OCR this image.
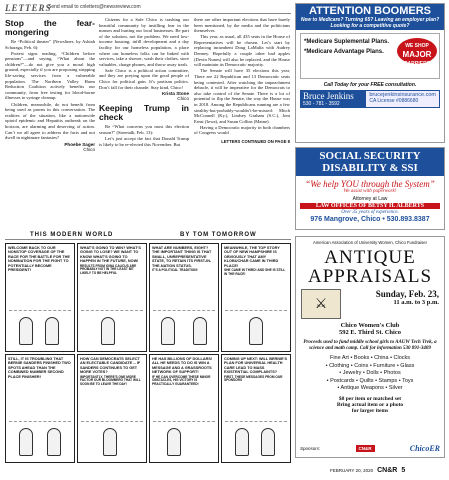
LETTERS
Send email to cnletters@newsreview.com
Stop the fear-mongering

Re “Political theater” (Newslines, by Ashiah Scharaga, Feb. 6):

Protest signs reading, “Children before pensions”—and saying, “What about the children?”—do not give you a moral high ground, especially if you are proposing stripping life-saving services from a vulnerable population. The Northern Valley Harm Reduction Coalition actively benefits our community, from free testing for blood-borne illnesses to syringe cleanup.

Children, meanwhile, do not benefit from being used as pawns in this conversation. The realities of the situation, like a nationwide opioid epidemic and Hepatitis outbreak on the horizon, are alarming and deserving of action. Can’t we all agree to address the facts and not dwell in nightmare fantasies?

Phoebe Sager
Chico

Citizens for a Safe Chico is trashing our beautiful community by instilling fear in the masses and hurting our local businesses. Be part of the solution, not the problem. We need low-income housing, infill development and a day facility for our homeless population, a place where our homeless folks can be linked with services, take a shower, wash their clothes, store valuables, charge phones, and throw away trash.

Safe Chico is a political action committee, and they are preying upon the good people of Chico for political gain. It’s partisan politics. Don’t fall for their charade. Stay kind, Chico!

Krista Stone
Chico
Keeping Trump in check

Re “What concerns you most this election season?” (Streetalk, Feb. 13):

Let’s just accept the fact that Donald Trump is likely to be re-elected this November. But

there are other important elections that have barely been mentioned, by the media and the politicians themselves.

This year, as usual, all 435 seats in the House of Representatives will be chosen. Let’s start by replacing incumbent Doug LaMalfa with Audrey Denney. Hopefully a couple other bad apples (Devin Nunes) will also be replaced, and the House will maintain its Democratic majority.

The Senate will have 35 elections this year. There are 22 Republican and 13 Democratic seats being contested. After watching the impeachment debacle, it will be imperative for the Democrats to also take control of the Senate. There is a lot of potential to flip the Senate, the way the House was in 2018. Among the Republicans running are a few stealthy-but-probably-wouldn’t-be-missed: Mitch McConnell (Ky.), Lindsey Graham (S.C.), Joni Ernst (Iowa), and Susan Collins (Maine).

Having a Democratic majority in both chambers of Congress would

LETTERS CONTINUED ON PAGE 8
ATTENTION BOOMERS
New to Medicare? Turning 65? Leaving an employer plan? Looking for a competitive quote?
*Medicare Suplemental Plans.
*Medicare Advantage Plans.
WE SHOP
MAJOR
CARRIERS
Call Today for your FREE consultation.
Bruce Jenkins
530 - 781 - 3592
brucejenkinsinsurance.com
CA License #0886680
SOCIAL SECURITY DISABILITY & SSI
“We help YOU through the System”
We assist with paperwork!
Attorney at Law
LAW OFFICES OF BETSY H. ALBERTS
Over 35 years of experience.
976 Mangrove, Chico • 530.893.8387
THIS MODERN WORLD	BY TOM TOMORROW
WELCOME BACK TO OUR NONSTOP COVERAGE OF THE RACE FOR THE BATTLE FOR THE NOMINATION FOR THE FIGHT TO POTENTIALLY BECOME PRESIDENT!
WHAT'S GOING TO WIN? WHAT'S GOING TO LOSE? WE WANT TO KNOW WHAT'S GOING TO HAPPEN IN THE FUTURE, NOW!
RESULTS FROM IOWA CAUCUS ARE PROBABLY NOT IN THE LEAST BIT LIKELY TO BE HELPFUL
WHAT ARE NUMBERS, EIGHT? THE IMPORTANT THING IS THAT SMALL, UNREPRESENTATIVE STATE, TO RETAIN ITS FIRST-IN-THE-NATION STATUS.
IT'S A POLITICAL TRADITION!
MEANWHILE, THE TOP STORY OUT OF NEW HAMPSHIRE IS OBVIOUSLY THAT AMY KLOBUCHAR CAME IN THIRD PLACE!
SHE CAME IN THIRD! AND SHE IS STILL IN THE RACE!
STILL, IT IS TROUBLING THAT BERNIE SANDERS FINISHED TWO SPOTS AHEAD THAN THE COMBINED NUMBER SECOND PLACE FINISHER!
HOW CAN DEMOCRATS SELECT AN ELECTABLE CANDIDATE -- IF SANDERS CONTINUES TO GET MORE VOTES?
IMPORTANTLY, THERE'S ONE MORE FACTOR OUR BLOOMBERG THAT WILL SOON BE TO LEAVE THE DAY!
HE HAS BILLIONS OF DOLLARS! ALL HE NEEDS TO DO IS WIN A MESSAGE AND A GRASSROOTS NETWORK OF SUPPORT!
IF HE CAN OVERCOME THESE MINOR OBSTACLES, HIS VICTORY IS PRACTICALLY GUARANTEED!
COMING UP NEXT: WILL BERNIE'S PLAN FOR UNIVERSAL HEALTH CARE LEAD TO MASS EXISTENTIAL COMPLAINTS?
FIRST, THESE MESSAGES FROM OUR SPONSORS
American Association of University Women, Chico Fundraiser
ANTIQUE APPRAISALS
⚔
Sunday, Feb. 23,
11 a.m. to 3 p.m.
Chico Women's Club
592 E. Third St. Chico
Proceeds used to fund middle school girls to AAUW Tech Trek, a science and math camp. Call for information 530 891-3409
Fine Art • Books • China • Clocks
• Clothing • Coins • Furniture • Glass
• Jewelry • Dolls • Photos
• Postcards • Quilts • Stamps • Toys
• Antique Weapons • Silver
$8 per item or matched set
Bring actual item or a photo
for larger items
Sponsors:	CN&R	ChicoER
FEBRUARY 20, 2020 CN&R 5
